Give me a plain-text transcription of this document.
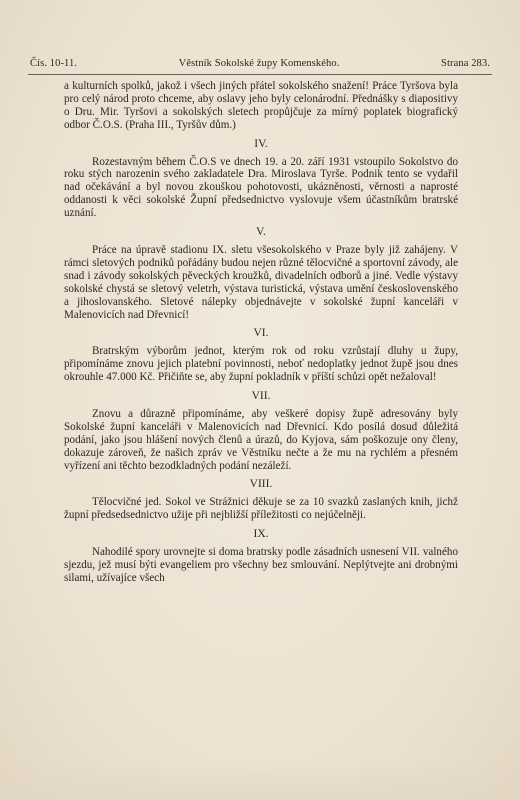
Čís. 10-11.	Věstník Sokolské župy Komenského.	Strana 283.

a kulturních spolků, jakož i všech jiných přátel sokolského snažení! Práce Tyršova byla pro celý národ proto chceme, aby oslavy jeho byly celonárodní. Přednášky s diapositivy o Dru. Mir. Tyršovi a sokolských sletech propůjčuje za mírný poplatek biografický odbor Č.O.S. (Praha III., Tyršův dům.)

IV.

Rozestavným během Č.O.S ve dnech 19. a 20. září 1931 vstoupilo Sokolstvo do roku stých narozenin svého zakladatele Dra. Miroslava Tyrše. Podnik tento se vydařil nad očekávání a byl novou zkouškou pohotovosti, ukázněnosti, věrnosti a naprosté oddanosti k věci sokolské Župní předsednictvo vyslovuje všem účastníkům bratrské uznání.

V.

Práce na úpravě stadionu IX. sletu všesokolského v Praze byly již zahájeny. V rámci sletových podniků pořádány budou nejen různé tělocvičné a sportovní závody, ale snad i závody sokolských pěveckých kroužků, divadelních odborů a jiné. Vedle výstavy sokolské chystá se sletový veletrh, výstava turistická, výstava umění československého a jihoslovanského. Sletové nálepky objednávejte v sokolské župní kanceláři v Malenovicích nad Dřevnicí!

VI.

Bratrským výborům jednot, kterým rok od roku vzrůstají dluhy u župy, připomínáme znovu jejich platební povinnosti, neboť nedoplatky jednot župě jsou dnes okrouhle 47.000 Kč. Přičiňte se, aby župní pokladník v příští schůzi opět nežaloval!

VII.

Znovu a důrazně připomínáme, aby veškeré dopisy župě adresovány byly Sokolské župní kanceláři v Malenovicích nad Dřevnicí. Kdo posílá dosud důležitá podání, jako jsou hlášení nových členů a úrazů, do Kyjova, sám poškozuje ony členy, dokazuje zároveň, že našich zpráv ve Věstníku nečte a že mu na rychlém a přesném vyřízení ani těchto bezodkladných podání nezáleží.

VIII.

Tělocvičné jed. Sokol ve Strážnici děkuje se za 10 svazků zaslaných knih, jichž župní předsedsednictvo užije při nejbližší příležitosti co nejúčelněji.

IX.

Nahodilé spory urovnejte si doma bratrsky podle zásadních usnesení VII. valného sjezdu, jež musí býti evangeliem pro všechny bez smlouvání. Neplýtvejte ani drobnými silami, užívajíce všech
